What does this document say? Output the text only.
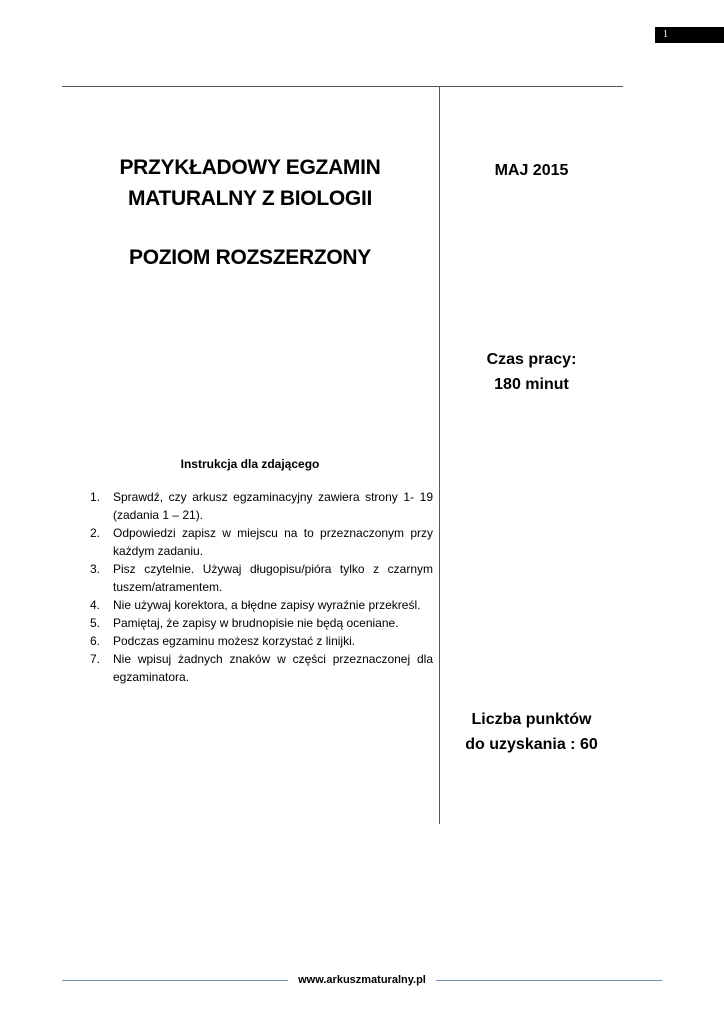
1
PRZYKŁADOWY EGZAMIN
MATURALNY Z BIOLOGII
POZIOM ROZSZERZONY
MAJ 2015
Czas pracy:
180 minut
Liczba punktów
do uzyskania : 60
Instrukcja dla zdającego
1. Sprawdź, czy arkusz egzaminacyjny zawiera strony 1- 19 (zadania 1 – 21).
2. Odpowiedzi zapisz w miejscu na to przeznaczonym przy każdym zadaniu.
3. Pisz czytelnie. Używaj długopisu/pióra tylko z czarnym tuszem/atramentem.
4. Nie używaj korektora, a błędne zapisy wyraźnie przekreśl.
5. Pamiętaj, że zapisy w brudnopisie nie będą oceniane.
6. Podczas egzaminu możesz korzystać z linijki.
7. Nie wpisuj żadnych znaków w części przeznaczonej dla egzaminatora.
www.arkuszmaturalny.pl
